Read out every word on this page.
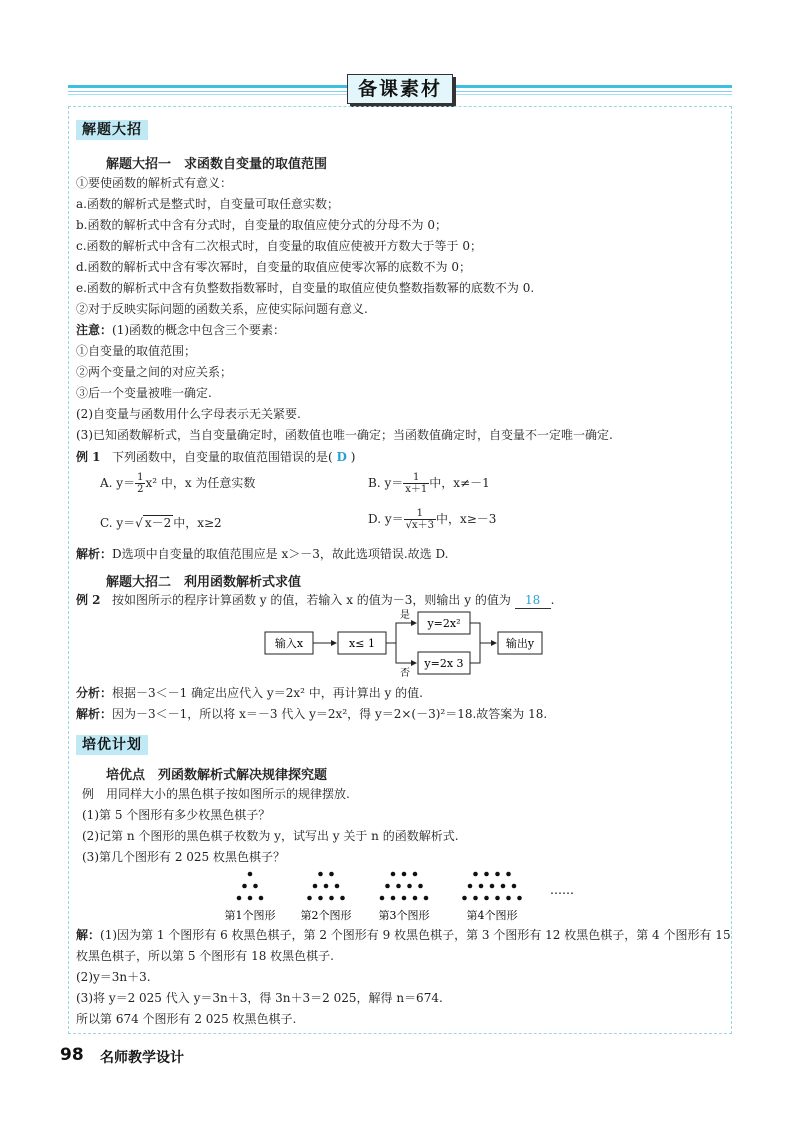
备课素材
解题大招
解题大招一　求函数自变量的取值范围
①要使函数的解析式有意义：
a.函数的解析式是整式时，自变量可取任意实数；
b.函数的解析式中含有分式时，自变量的取值应使分式的分母不为 0；
c.函数的解析式中含有二次根式时，自变量的取值应使被开方数大于等于 0；
d.函数的解析式中含有零次幂时，自变量的取值应使零次幂的底数不为 0；
e.函数的解析式中含有负整数指数幂时，自变量的取值应使负整数指数幂的底数不为 0.
②对于反映实际问题的函数关系，应使实际问题有意义.
注意：(1)函数的概念中包含三个要素：
①自变量的取值范围；
②两个变量之间的对应关系；
③后一个变量被唯一确定.
(2)自变量与函数用什么字母表示无关紧要.
(3)已知函数解析式，当自变量确定时，函数值也唯一确定；当函数值确定时，自变量不一定唯一确定.
例 1 下列函数中，自变量的取值范围错误的是( D )
A. $y= \frac{1}{2} x^2$ 中，x 为任意实数	B. $y= \frac{1}{x+1}$ 中，x≠－1
C. y＝√ x－2 中，x≥2	D. $y= \frac{1}{√x+3}$ 中，x≥－3
解析：D选项中自变量的取值范围应是 x＞－3，故此选项错误.故选 D.
解题大招二　利用函数解析式求值
例 2 按如图所示的程序计算函数 y 的值，若输入 x 的值为－3，则输出 y 的值为 18 .
输入x	x≤ 1
是
否
y=2x²
y=2x 3
输出y
分析：根据－3＜－1 确定出应代入 y＝2x² 中，再计算出 y 的值.
解析：因为－3＜－1，所以将 x＝－3 代入 y＝2x²，得 y＝2×(－3)²＝18.故答案为 18.
培优计划
培优点　列函数解析式解决规律探究题
例　用同样大小的黑色棋子按如图所示的规律摆放.
(1)第 5 个图形有多少枚黑色棋子？
(2)记第 n 个图形的黑色棋子枚数为 y，试写出 y 关于 n 的函数解析式.
(3)第几个图形有 2 025 枚黑色棋子？
第1个图形 第2个图形 第3个图形	第4个图形
……
解：(1)因为第 1 个图形有 6 枚黑色棋子，第 2 个图形有 9 枚黑色棋子，第 3 个图形有 12 枚黑色棋子，第 4 个图形有 15
枚黑色棋子，所以第 5 个图形有 18 枚黑色棋子.
(2)y＝3n＋3.
(3)将 y＝2 025 代入 y＝3n＋3，得 3n＋3＝2 025，解得 n＝674.
所以第 674 个图形有 2 025 枚黑色棋子.
98 名师教学设计
